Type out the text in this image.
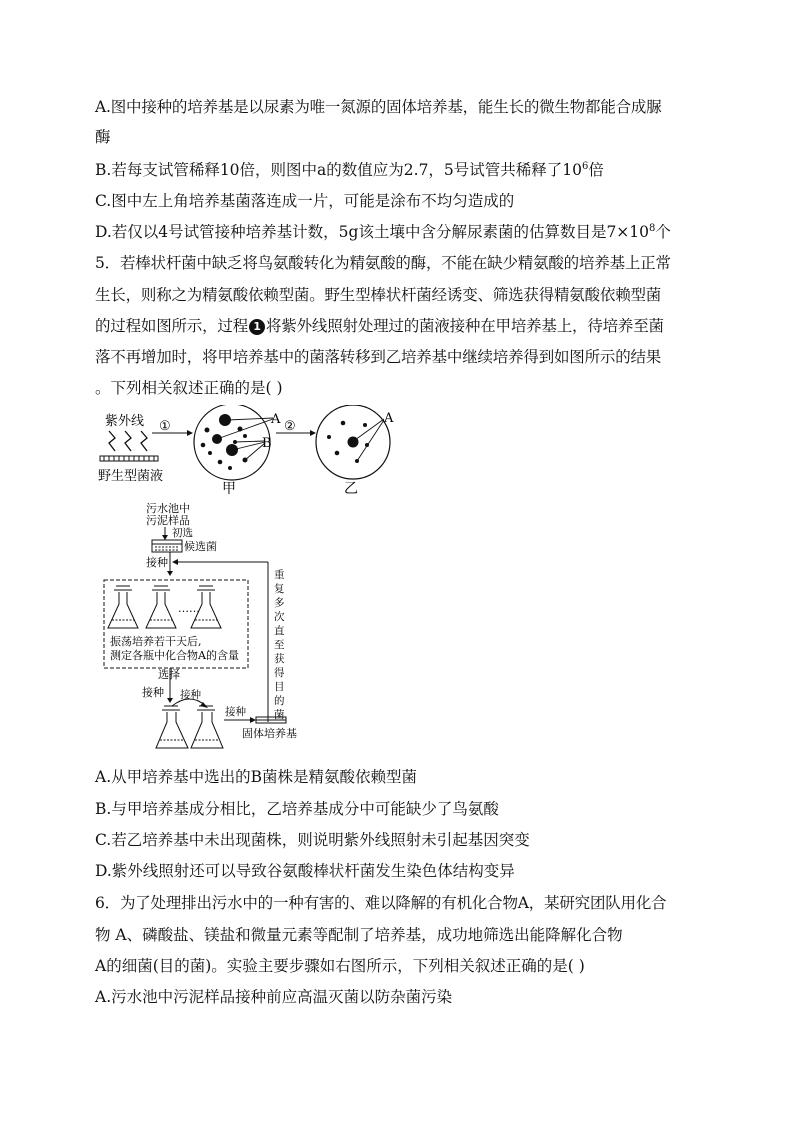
A.图中接种的培养基是以尿素为唯一氮源的固体培养基，能生长的微生物都能合成脲
酶
B.若每支试管稀释10倍，则图中a的数值应为2.7，5号试管共稀释了$10^6$倍
C.图中左上角培养基菌落连成一片，可能是涂布不均匀造成的
D.若仅以4号试管接种培养基计数，5g该土壤中含分解尿素菌的估算数目是$7\times 10^8$个
5．若棒状杆菌中缺乏将鸟氨酸转化为精氨酸的酶，不能在缺少精氨酸的培养基上正常
生长，则称之为精氨酸依赖型菌。野生型棒状杆菌经诱变、筛选获得精氨酸依赖型菌
的过程如图所示，过程 1 将紫外线照射处理过的菌液接种在甲培养基上，待培养至菌
落不再增加时，将甲培养基中的菌落转移到乙培养基中继续培养得到如图所示的结果
。下列相关叙述正确的是( )
紫外线
野生型菌液
①	A
B
甲
②
A
乙
污水池中
污泥样品
初选
候选菌
接种
重
复
多
次
直
至
获
得
目
的
菌
……
振荡培养若干天后,
测定各瓶中化合物A的含量
选择
接种 接种
接种
固体培养基
A.从甲培养基中选出的B菌株是精氨酸依赖型菌
B.与甲培养基成分相比，乙培养基成分中可能缺少了鸟氨酸
C.若乙培养基中未出现菌株，则说明紫外线照射未引起基因突变
D.紫外线照射还可以导致谷氨酸棒状杆菌发生染色体结构变异
6．为了处理排出污水中的一种有害的、难以降解的有机化合物A，某研究团队用化合
物 A、磷酸盐、镁盐和微量元素等配制了培养基，成功地筛选出能降解化合物
A的细菌(目的菌)。实验主要步骤如右图所示，下列相关叙述正确的是( )
A.污水池中污泥样品接种前应高温灭菌以防杂菌污染
